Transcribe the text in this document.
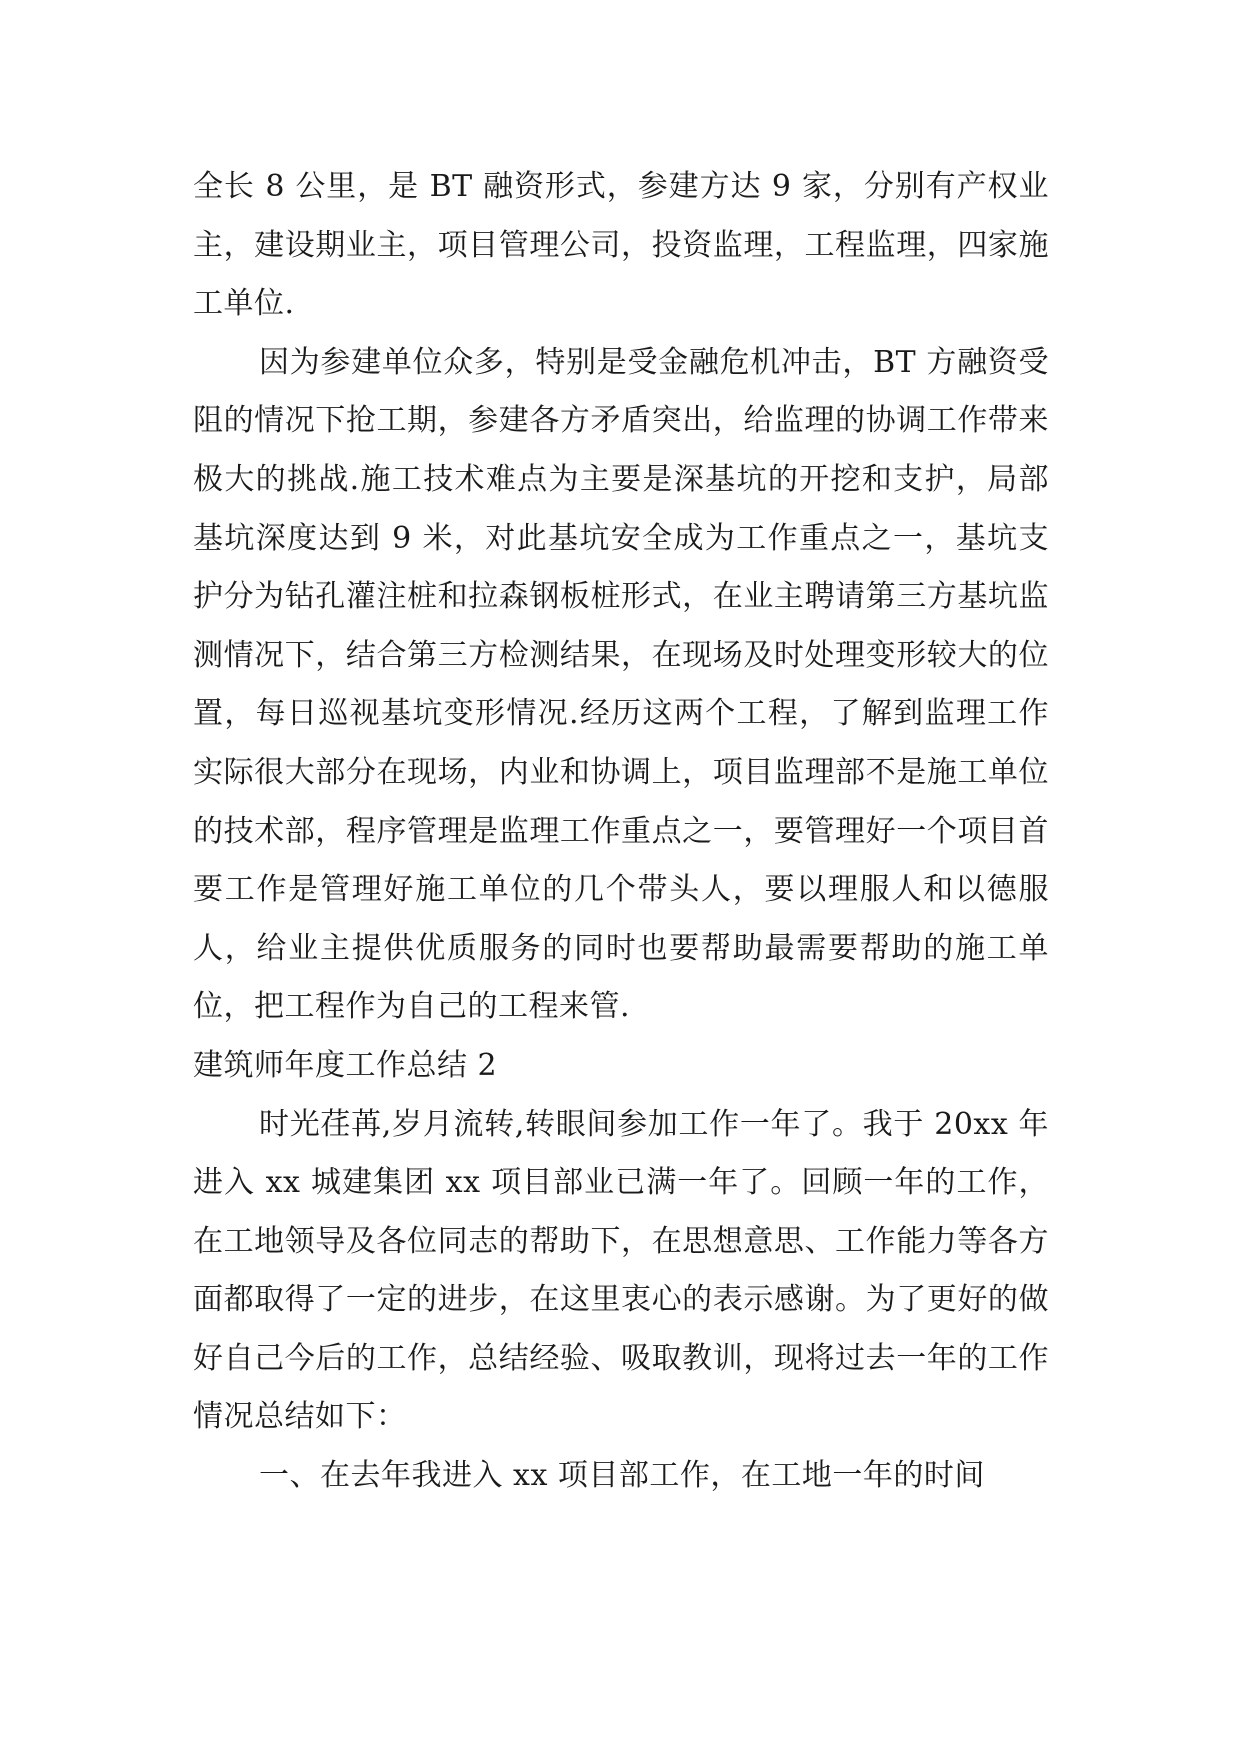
全长 8 公里，是 BT 融资形式，参建方达 9 家，分别有产权业主，建设期业主，项目管理公司，投资监理，工程监理，四家施工单位.

因为参建单位众多，特别是受金融危机冲击，BT 方融资受阻的情况下抢工期，参建各方矛盾突出，给监理的协调工作带来极大的挑战.施工技术难点为主要是深基坑的开挖和支护，局部基坑深度达到 9 米，对此基坑安全成为工作重点之一，基坑支护分为钻孔灌注桩和拉森钢板桩形式，在业主聘请第三方基坑监测情况下，结合第三方检测结果，在现场及时处理变形较大的位置，每日巡视基坑变形情况.经历这两个工程，了解到监理工作实际很大部分在现场，内业和协调上，项目监理部不是施工单位的技术部，程序管理是监理工作重点之一，要管理好一个项目首要工作是管理好施工单位的几个带头人，要以理服人和以德服人，给业主提供优质服务的同时也要帮助最需要帮助的施工单位，把工程作为自己的工程来管.

建筑师年度工作总结 2

时光荏苒,岁月流转,转眼间参加工作一年了。我于 20xx 年进入 xx 城建集团 xx 项目部业已满一年了。回顾一年的工作，在工地领导及各位同志的帮助下，在思想意思、工作能力等各方面都取得了一定的进步，在这里衷心的表示感谢。为了更好的做好自己今后的工作，总结经验、吸取教训，现将过去一年的工作情况总结如下：

一、在去年我进入 xx 项目部工作，在工地一年的时间
